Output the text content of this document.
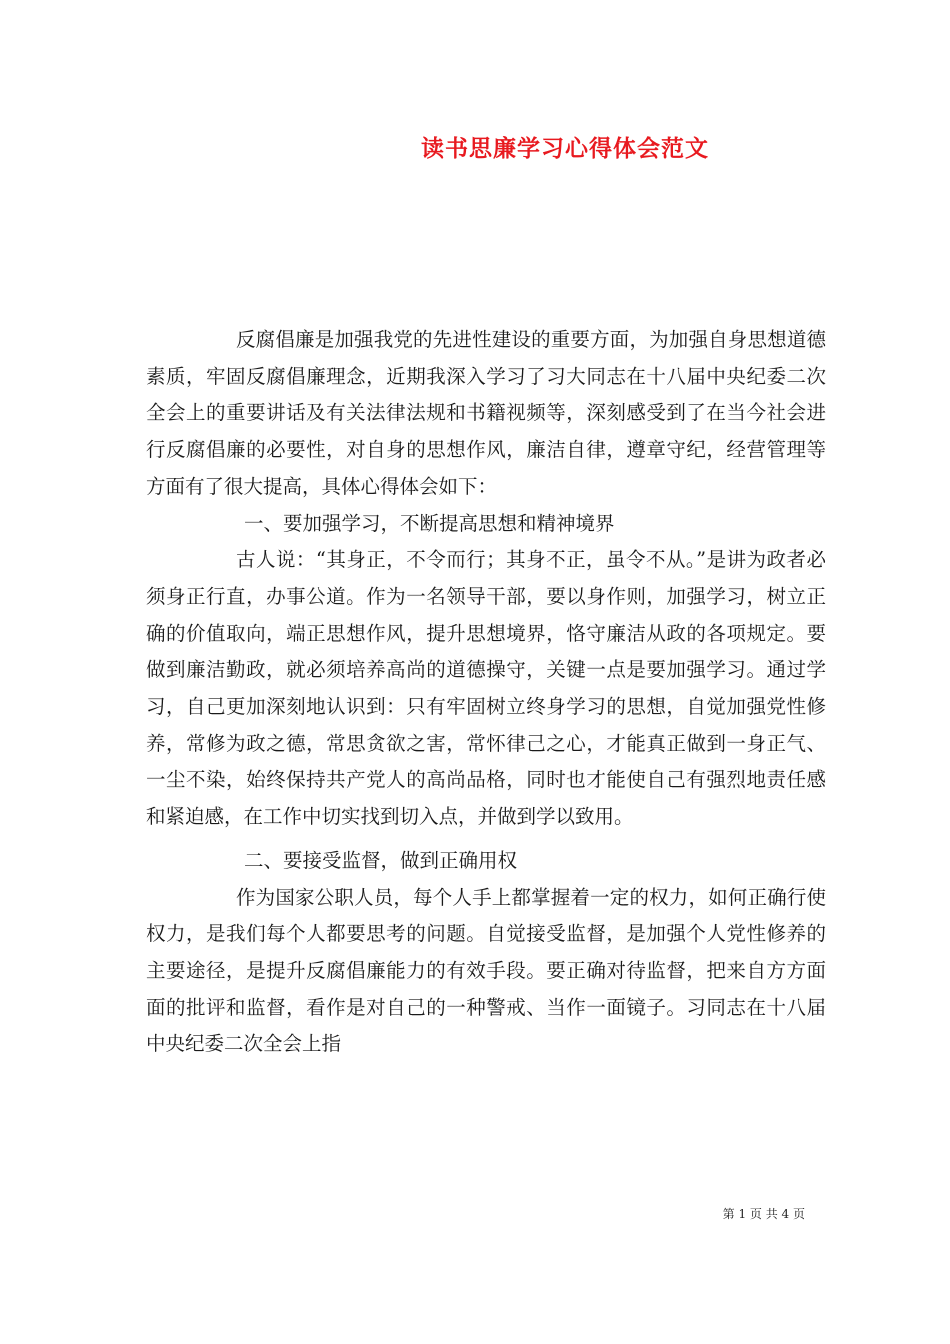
读书思廉学习心得体会范文

反腐倡廉是加强我党的先进性建设的重要方面，为加强自身思想道德素质，牢固反腐倡廉理念，近期我深入学习了习大同志在十八届中央纪委二次全会上的重要讲话及有关法律法规和书籍视频等，深刻感受到了在当今社会进行反腐倡廉的必要性，对自身的思想作风，廉洁自律，遵章守纪，经营管理等方面有了很大提高，具体心得体会如下：

一、要加强学习，不断提高思想和精神境界

古人说：“其身正，不令而行；其身不正，虽令不从。”是讲为政者必须身正行直，办事公道。作为一名领导干部，要以身作则，加强学习，树立正确的价值取向，端正思想作风，提升思想境界，恪守廉洁从政的各项规定。要做到廉洁勤政，就必须培养高尚的道德操守，关键一点是要加强学习。通过学习，自己更加深刻地认识到：只有牢固树立终身学习的思想，自觉加强党性修养，常修为政之德，常思贪欲之害，常怀律己之心，才能真正做到一身正气、一尘不染，始终保持共产党人的高尚品格，同时也才能使自己有强烈地责任感和紧迫感，在工作中切实找到切入点，并做到学以致用。

二、要接受监督，做到正确用权

作为国家公职人员，每个人手上都掌握着一定的权力，如何正确行使权力，是我们每个人都要思考的问题。自觉接受监督，是加强个人党性修养的主要途径，是提升反腐倡廉能力的有效手段。要正确对待监督，把来自方方面面的批评和监督，看作是对自己的一种警戒、当作一面镜子。习同志在十八届中央纪委二次全会上指

第 1 页 共 4 页
